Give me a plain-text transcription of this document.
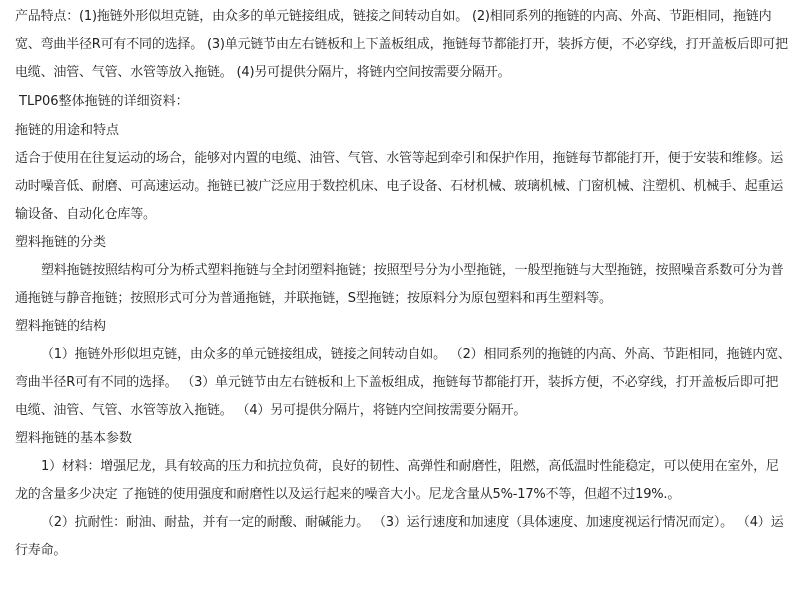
产品特点：(1)拖链外形似坦克链，由众多的单元链接组成，链接之间转动自如。 (2)相同系列的拖链的内高、外高、节距相同，拖链内宽、弯曲半径R可有不同的选择。 (3)单元链节由左右链板和上下盖板组成，拖链每节都能打开，装拆方便，不必穿线，打开盖板后即可把电缆、油管、气管、水管等放入拖链。 (4)另可提供分隔片，将链内空间按需要分隔开。

TLP06整体拖链的详细资料：

拖链的用途和特点

适合于使用在往复运动的场合，能够对内置的电缆、油管、气管、水管等起到牵引和保护作用，拖链每节都能打开，便于安装和维修。运动时噪音低、耐磨、可高速运动。拖链已被广泛应用于数控机床、电子设备、石材机械、玻璃机械、门窗机械、注塑机、机械手、起重运输设备、自动化仓库等。

塑料拖链的分类

塑料拖链按照结构可分为桥式塑料拖链与全封闭塑料拖链；按照型号分为小型拖链，一般型拖链与大型拖链，按照噪音系数可分为普通拖链与静音拖链；按照形式可分为普通拖链，并联拖链，S型拖链；按原料分为原包塑料和再生塑料等。

塑料拖链的结构

（1）拖链外形似坦克链，由众多的单元链接组成，链接之间转动自如。 （2）相同系列的拖链的内高、外高、节距相同，拖链内宽、弯曲半径R可有不同的选择。 （3）单元链节由左右链板和上下盖板组成，拖链每节都能打开，装拆方便，不必穿线，打开盖板后即可把电缆、油管、气管、水管等放入拖链。 （4）另可提供分隔片，将链内空间按需要分隔开。

塑料拖链的基本参数

1）材料：增强尼龙，具有较高的压力和抗拉负荷，良好的韧性、高弹性和耐磨性，阻燃，高低温时性能稳定，可以使用在室外，尼龙的含量多少决定 了拖链的使用强度和耐磨性以及运行起来的噪音大小。尼龙含量从5%-17%不等，但超不过19%.。

（2）抗耐性：耐油、耐盐，并有一定的耐酸、耐碱能力。 （3）运行速度和加速度（具体速度、加速度视运行情况而定）。 （4）运行寿命。
